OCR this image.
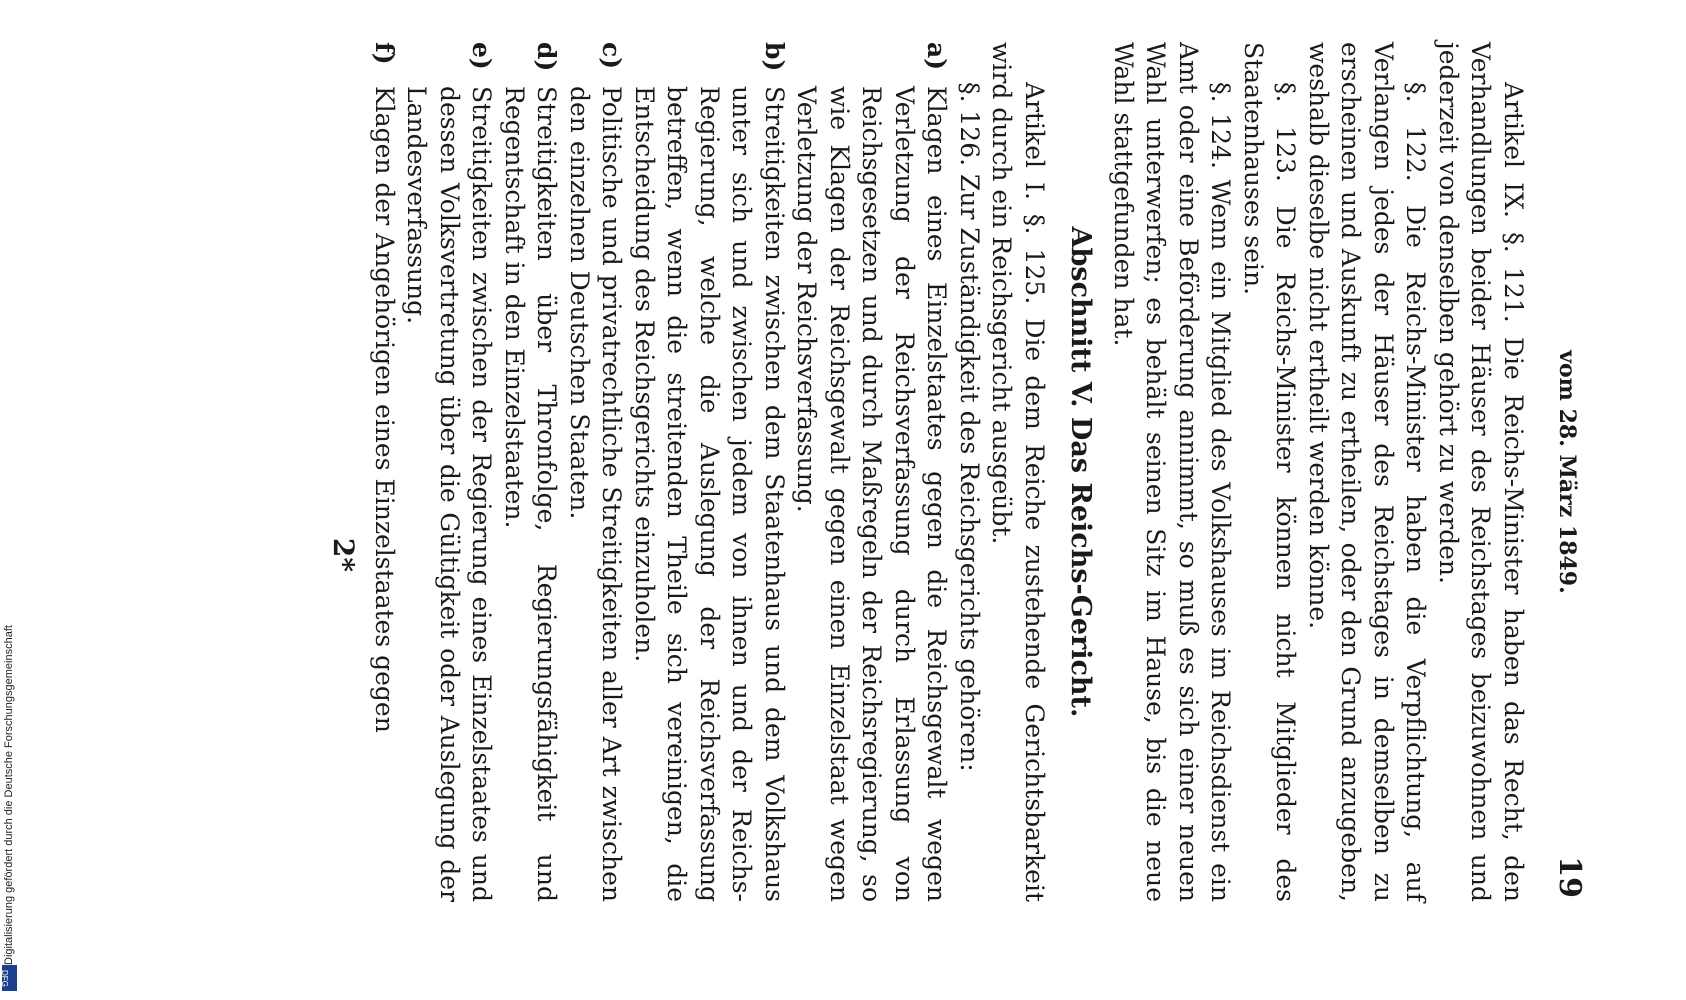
vom 28. März 1849.
19

Artikel IX. §. 121. Die Reichs-Minister haben das Recht, den Verhandlungen beider Häuser des Reichstages beizuwohnen und jederzeit von denselben gehört zu werden.

§. 122. Die Reichs-Minister haben die Verpflichtung, auf Verlangen jedes der Häuser des Reichstages in demselben zu erscheinen und Auskunft zu ertheilen, oder den Grund anzugeben, weshalb dieselbe nicht ertheilt werden könne.

§. 123. Die Reichs-Minister können nicht Mitglieder des Staatenhauses sein.

§. 124. Wenn ein Mitglied des Volkshauses im Reichsdienst ein Amt oder eine Beförderung annimmt, so muß es sich einer neuen Wahl unterwerfen; es behält seinen Sitz im Hause, bis die neue Wahl stattgefunden hat.

Abschnitt V. Das Reichs-Gericht.

Artikel I. §. 125. Die dem Reiche zustehende Gerichtsbarkeit wird durch ein Reichsgericht ausgeübt.

§. 126. Zur Zuständigkeit des Reichsgerichts gehören:

a)
Klagen eines Einzelstaates gegen die Reichsgewalt wegen Verletzung der Reichsverfassung durch Erlassung von Reichsgesetzen und durch Maßregeln der Reichsregierung, so wie Klagen der Reichsgewalt gegen einen Einzelstaat wegen Verletzung der Reichsverfassung.
b)
Streitigkeiten zwischen dem Staatenhaus und dem Volkshaus unter sich und zwischen jedem von ihnen und der Reichs-Regierung, welche die Auslegung der Reichsverfassung betreffen, wenn die streitenden Theile sich vereinigen, die Entscheidung des Reichsgerichts einzuholen.
c)
Politische und privatrechtliche Streitigkeiten aller Art zwischen den einzelnen Deutschen Staaten.
d)
Streitigkeiten über Thronfolge, Regierungsfähigkeit und Regentschaft in den Einzelstaaten.
e)
Streitigkeiten zwischen der Regierung eines Einzelstaates und dessen Volksvertretung über die Gültigkeit oder Auslegung der Landesverfassung.
f)
Klagen der Angehörigen eines Einzelstaates gegen
2*
Digitalisierung gefördert durch die Deutsche Forschungsgemeinschaft
DFG
